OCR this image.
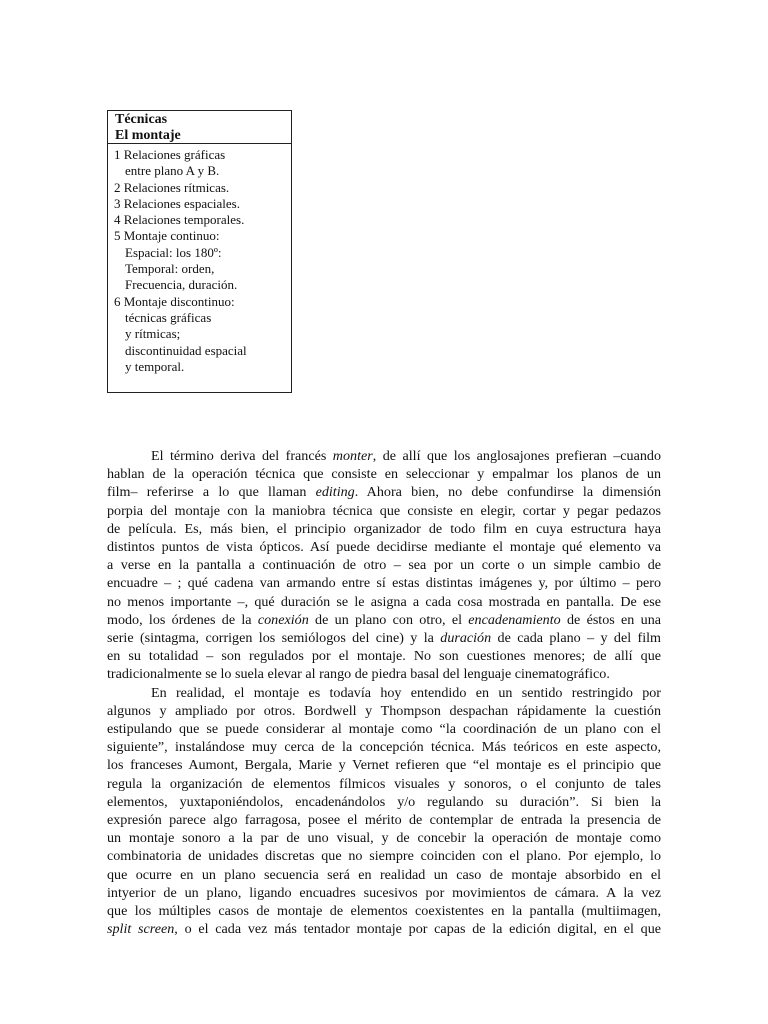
Técnicas
El montaje
1 Relaciones gráficas
entre plano A y B.
2 Relaciones rítmicas.
3 Relaciones espaciales.
4 Relaciones temporales.
5 Montaje continuo:
Espacial: los 180º:
Temporal: orden,
Frecuencia, duración.
6 Montaje discontinuo:
técnicas gráficas
y rítmicas;
discontinuidad espacial
y temporal.

El término deriva del francés monter, de allí que los anglosajones prefieran –cuando
hablan de la operación técnica que consiste en seleccionar y empalmar los planos de un
film– referirse a lo que llaman editing. Ahora bien, no debe confundirse la dimensión
porpia del montaje con la maniobra técnica que consiste en elegir, cortar y pegar pedazos
de película. Es, más bien, el principio organizador de todo film en cuya estructura haya
distintos puntos de vista ópticos. Así puede decidirse mediante el montaje qué elemento va
a verse en la pantalla a continuación de otro – sea por un corte o un simple cambio de
encuadre – ; qué cadena van armando entre sí estas distintas imágenes y, por último – pero
no menos importante –, qué duración se le asigna a cada cosa mostrada en pantalla. De ese
modo, los órdenes de la conexión de un plano con otro, el encadenamiento de éstos en una
serie (sintagma, corrigen los semiólogos del cine) y la duración de cada plano – y del film
en su totalidad – son regulados por el montaje. No son cuestiones menores; de allí que
tradicionalmente se lo suela elevar al rango de piedra basal del lenguaje cinematográfico.

En realidad, el montaje es todavía hoy entendido en un sentido restringido por
algunos y ampliado por otros. Bordwell y Thompson despachan rápidamente la cuestión
estipulando que se puede considerar al montaje como “la coordinación de un plano con el
siguiente”, instalándose muy cerca de la concepción técnica. Más teóricos en este aspecto,
los franceses Aumont, Bergala, Marie y Vernet refieren que “el montaje es el principio que
regula la organización de elementos fílmicos visuales y sonoros, o el conjunto de tales
elementos, yuxtaponiéndolos, encadenándolos y/o regulando su duración”. Si bien la
expresión parece algo farragosa, posee el mérito de contemplar de entrada la presencia de
un montaje sonoro a la par de uno visual, y de concebir la operación de montaje como
combinatoria de unidades discretas que no siempre coinciden con el plano. Por ejemplo, lo
que ocurre en un plano secuencia será en realidad un caso de montaje absorbido en el
intyerior de un plano, ligando encuadres sucesivos por movimientos de cámara. A la vez
que los múltiples casos de montaje de elementos coexistentes en la pantalla (multiimagen,
split screen, o el cada vez más tentador montaje por capas de la edición digital, en el que
